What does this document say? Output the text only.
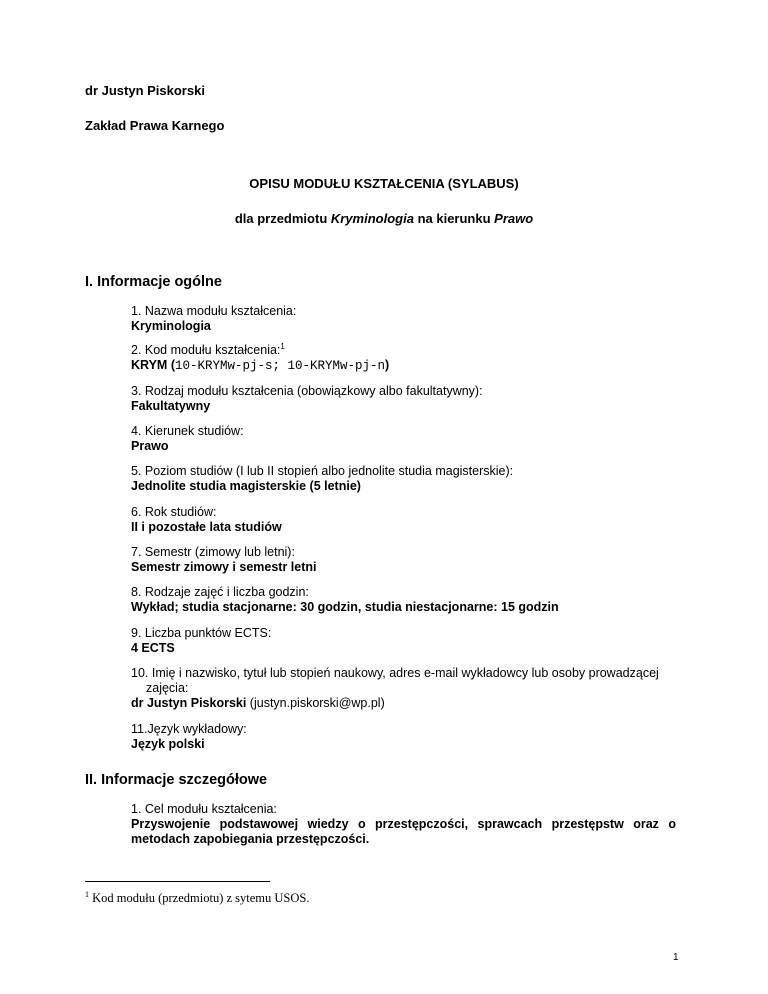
dr Justyn Piskorski
Zakład Prawa Karnego
OPISU MODUŁU KSZTAŁCENIA (SYLABUS)
dla przedmiotu Kryminologia na kierunku Prawo
I. Informacje ogólne
1. Nazwa modułu kształcenia:
Kryminologia
2. Kod modułu kształcenia:$^1$
KRYM (10-KRYMw-pj-s; 10-KRYMw-pj-n)
3. Rodzaj modułu kształcenia (obowiązkowy albo fakultatywny):
Fakultatywny
4. Kierunek studiów:
Prawo
5. Poziom studiów (I lub II stopień albo jednolite studia magisterskie):
Jednolite studia magisterskie (5 letnie)
6. Rok studiów:
II i pozostałe lata studiów
7. Semestr (zimowy lub letni):
Semestr zimowy i semestr letni
8. Rodzaje zajęć i liczba godzin:
Wykład; studia stacjonarne: 30 godzin, studia niestacjonarne: 15 godzin
9. Liczba punktów ECTS:
4 ECTS
10. Imię i nazwisko, tytuł lub stopień naukowy, adres e-mail wykładowcy lub osoby prowadzącej
zajęcia:
dr Justyn Piskorski (justyn.piskorski@wp.pl)
11.Język wykładowy:
Język polski
II. Informacje szczegółowe
1. Cel modułu kształcenia:
Przyswojenie podstawowej wiedzy o przestępczości, sprawcach przestępstw oraz o metodach zapobiegania przestępczości.
$^1$ Kod modułu (przedmiotu) z sytemu USOS.
1
